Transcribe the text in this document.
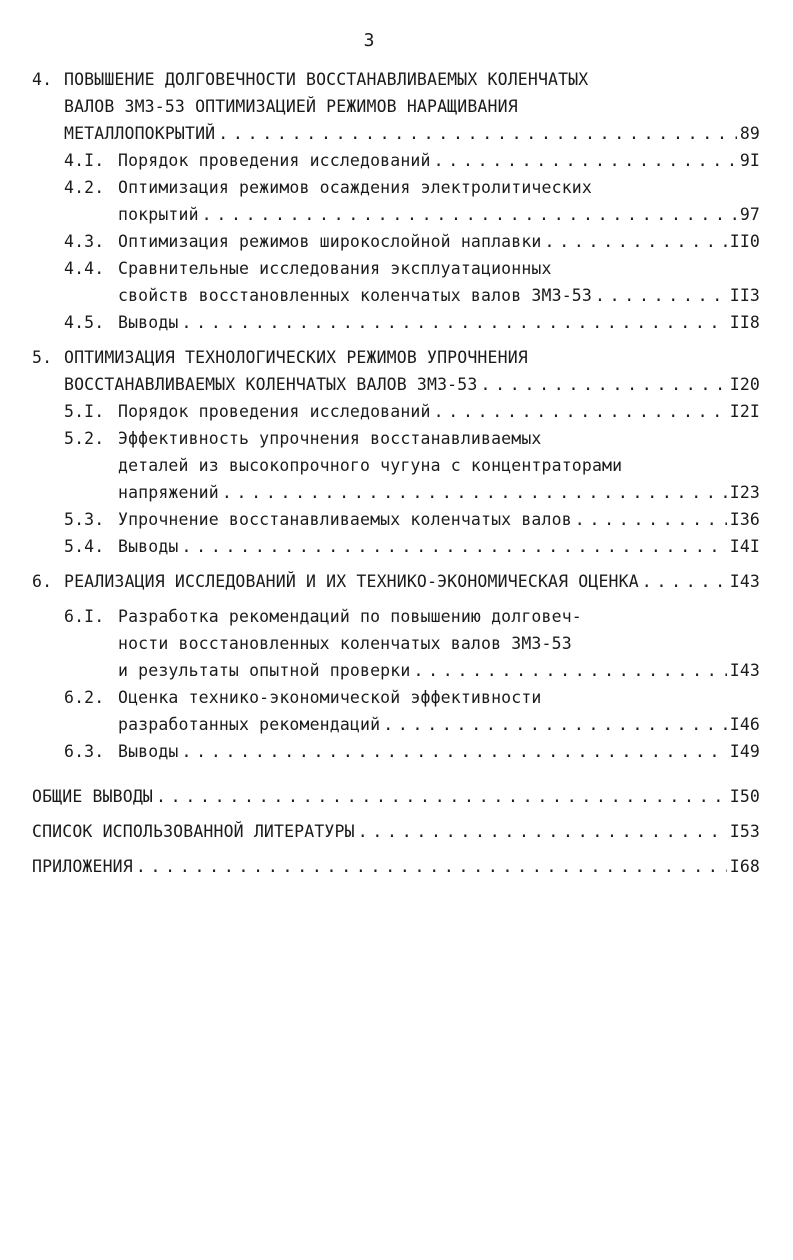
3
4. ПОВЫШЕНИЕ ДОЛГОВЕЧНОСТИ ВОССТАНАВЛИВАЕМЫХ КОЛЕНЧАТЫХ
ВАЛОВ ЗМЗ-53 ОПТИМИЗАЦИЕЙ РЕЖИМОВ НАРАЩИВАНИЯ
МЕТАЛЛОПОКРЫТИЙ . . .	89
4.I. Порядок проведения исследований . . .	9I
4.2. Оптимизация режимов осаждения электролитических
покрытий . . .	97
4.3. Оптимизация режимов широкослойной наплавки . . .	II0
4.4. Сравнительные исследования эксплуатационных
свойств восстановленных коленчатых валов ЗМЗ-53 . . .	II3
4.5. Выводы . . .	II8
5. ОПТИМИЗАЦИЯ ТЕХНОЛОГИЧЕСКИХ РЕЖИМОВ УПРОЧНЕНИЯ
ВОССТАНАВЛИВАЕМЫХ КОЛЕНЧАТЫХ ВАЛОВ ЗМЗ-53 . . .	I20
5.I. Порядок проведения исследований . . .	I2I
5.2. Эффективность упрочнения восстанавливаемых
деталей из высокопрочного чугуна с концентраторами
напряжений . . .	I23
5.3. Упрочнение восстанавливаемых коленчатых валов . . .	I36
5.4. Выводы . . .	I4I
6. РЕАЛИЗАЦИЯ ИССЛЕДОВАНИЙ И ИХ ТЕХНИКО-ЭКОНОМИЧЕСКАЯ ОЦЕНКА . . .	I43
6.I. Разработка рекомендаций по повышению долговеч-
ности восстановленных коленчатых валов ЗМЗ-53
и результаты опытной проверки . . .	I43
6.2. Оценка технико-экономической эффективности
разработанных рекомендаций . . .	I46
6.3. Выводы . . .	I49
ОБЩИЕ ВЫВОДЫ . . .	I50
СПИСОК ИСПОЛЬЗОВАННОЙ ЛИТЕРАТУРЫ . . .	I53
ПРИЛОЖЕНИЯ . . .	I68
